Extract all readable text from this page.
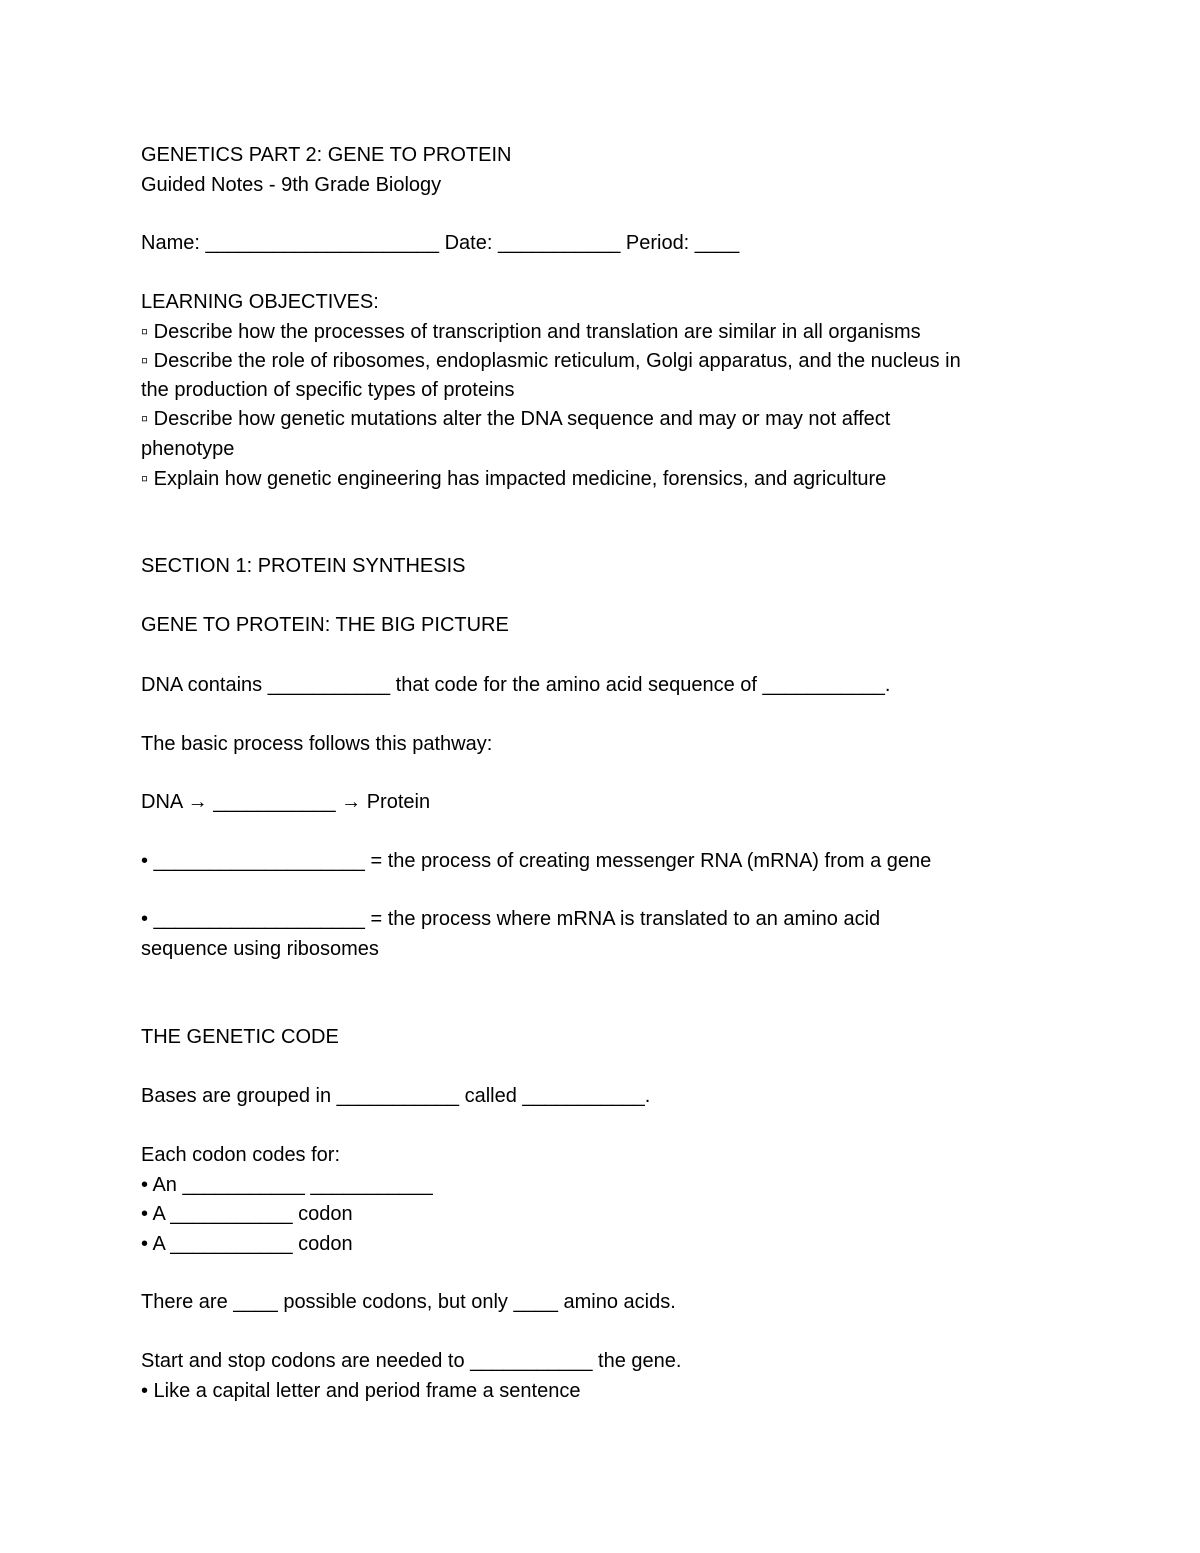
GENETICS PART 2: GENE TO PROTEIN
Guided Notes - 9th Grade Biology
Name: _____________________ Date: ___________ Period: ____
LEARNING OBJECTIVES:
▫ Describe how the processes of transcription and translation are similar in all organisms
▫ Describe the role of ribosomes, endoplasmic reticulum, Golgi apparatus, and the nucleus in
the production of specific types of proteins
▫ Describe how genetic mutations alter the DNA sequence and may or may not affect
phenotype
▫ Explain how genetic engineering has impacted medicine, forensics, and agriculture
SECTION 1: PROTEIN SYNTHESIS
GENE TO PROTEIN: THE BIG PICTURE
DNA contains ___________ that code for the amino acid sequence of ___________.
The basic process follows this pathway:
DNA → ___________ → Protein
• ___________________ = the process of creating messenger RNA (mRNA) from a gene
• ___________________ = the process where mRNA is translated to an amino acid
sequence using ribosomes
THE GENETIC CODE
Bases are grouped in ___________ called ___________.
Each codon codes for:
• An ___________ ___________
• A ___________ codon
• A ___________ codon
There are ____ possible codons, but only ____ amino acids.
Start and stop codons are needed to ___________ the gene.
• Like a capital letter and period frame a sentence
